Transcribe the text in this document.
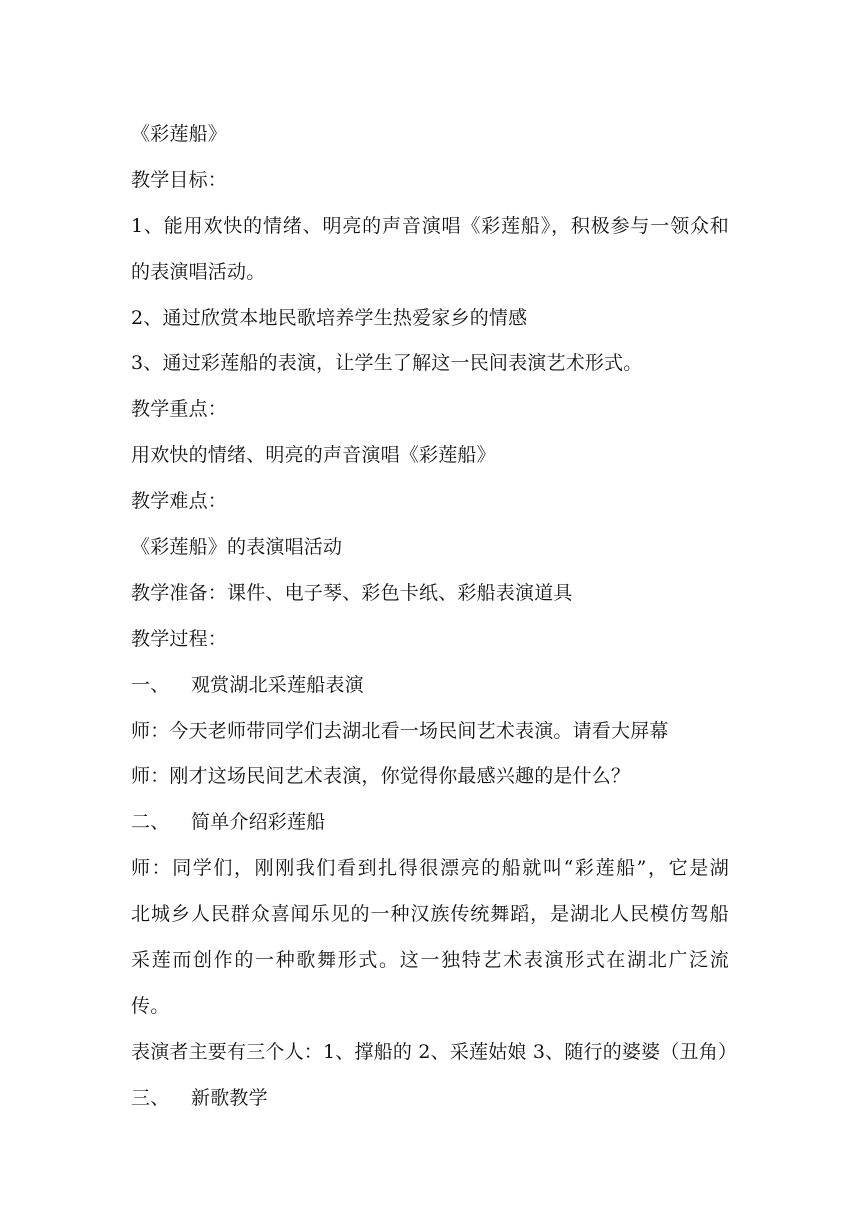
《彩莲船》
教学目标：
1、能用欢快的情绪、明亮的声音演唱《彩莲船》，积极参与一领众和
的表演唱活动。
2、通过欣赏本地民歌培养学生热爱家乡的情感
3、通过彩莲船的表演，让学生了解这一民间表演艺术形式。
教学重点：
用欢快的情绪、明亮的声音演唱《彩莲船》
教学难点：
《彩莲船》的表演唱活动
教学准备：课件、电子琴、彩色卡纸、彩船表演道具
教学过程：
一、	观赏湖北采莲船表演
师：今天老师带同学们去湖北看一场民间艺术表演。请看大屏幕
师：刚才这场民间艺术表演，你觉得你最感兴趣的是什么？
二、	简单介绍彩莲船
师：同学们，刚刚我们看到扎得很漂亮的船就叫“彩莲船”，它是湖
北城乡人民群众喜闻乐见的一种汉族传统舞蹈，是湖北人民模仿驾船
采莲而创作的一种歌舞形式。这一独特艺术表演形式在湖北广泛流
传。
表演者主要有三个人：1、撑船的 2、采莲姑娘 3、随行的婆婆（丑角）
三、	新歌教学
